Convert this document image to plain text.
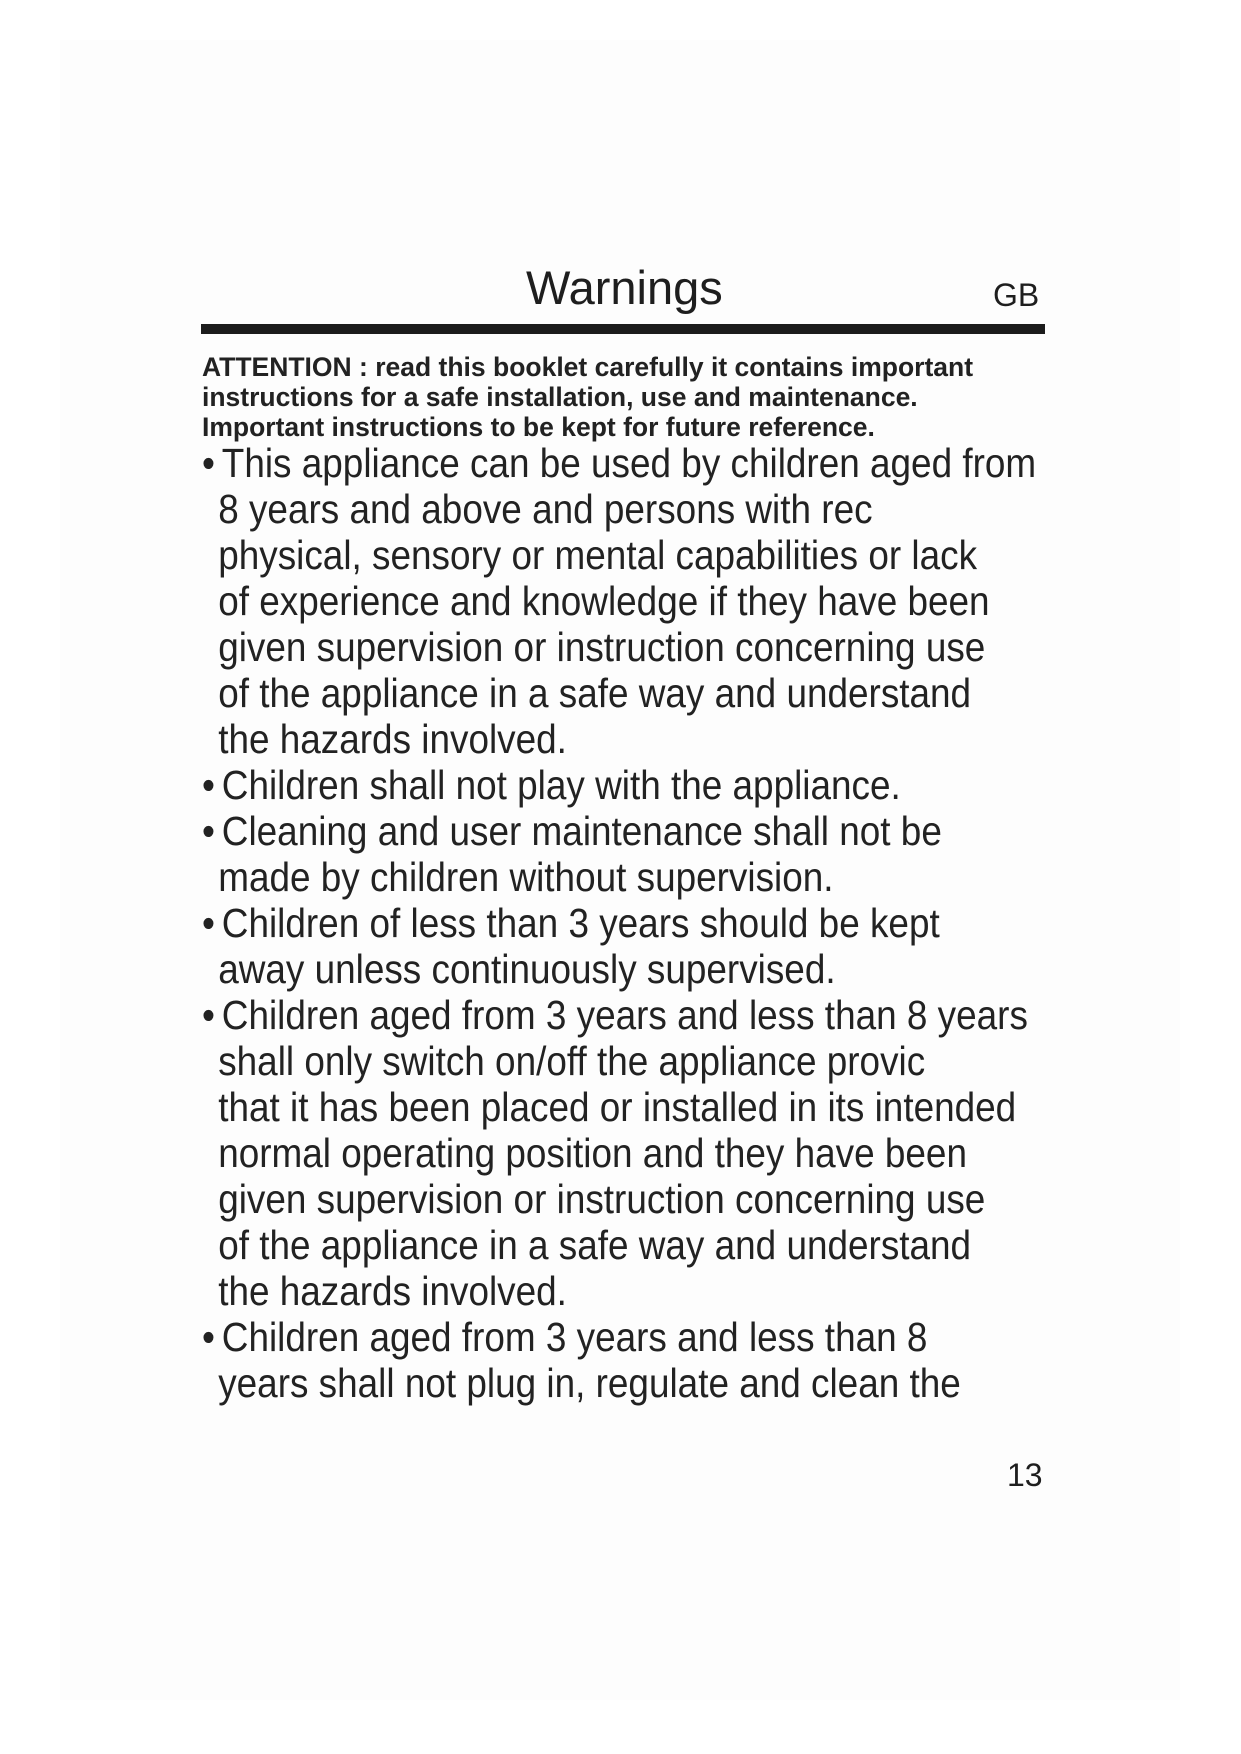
Warnings	GB
ATTENTION : read this booklet carefully it contains important
instructions for a safe installation, use and maintenance.
Important instructions to be kept for future reference.
• This appliance can be used by children aged from
8 years and above and persons with rec
physical, sensory or mental capabilities or lack
of experience and knowledge if they have been
given supervision or instruction concerning use
of the appliance in a safe way and understand
the hazards involved.
• Children shall not play with the appliance.
• Cleaning and user maintenance shall not be
made by children without supervision.
• Children of less than 3 years should be kept
away unless continuously supervised.
• Children aged from 3 years and less than 8 years
shall only switch on/off the appliance provic
that it has been placed or installed in its intended
normal operating position and they have been
given supervision or instruction concerning use
of the appliance in a safe way and understand
the hazards involved.
• Children aged from 3 years and less than 8
years shall not plug in, regulate and clean the
13
